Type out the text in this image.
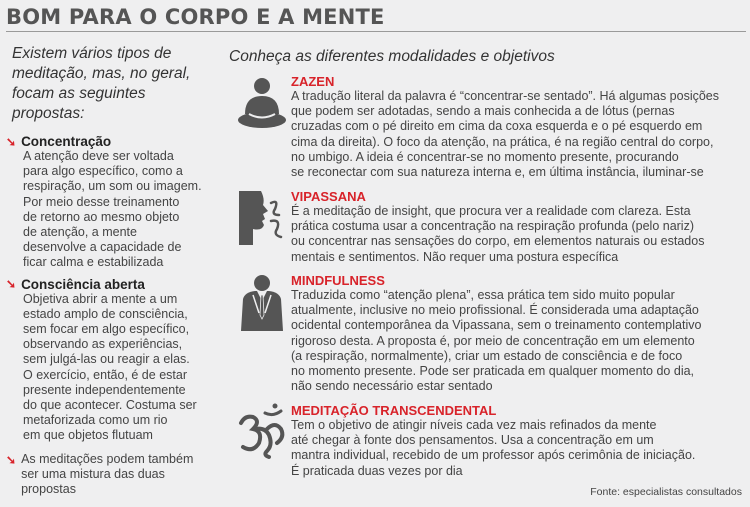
BOM PARA O CORPO E A MENTE
Existem vários tipos de meditação, mas, no geral, focam as seguintes propostas:
➘ Concentração
A atenção deve ser voltada
para algo específico, como a
respiração, um som ou imagem.
Por meio desse treinamento
de retorno ao mesmo objeto
de atenção, a mente
desenvolve a capacidade de
ficar calma e estabilizada
➘ Consciência aberta
Objetiva abrir a mente a um
estado amplo de consciência,
sem focar em algo específico,
observando as experiências,
sem julgá-las ou reagir a elas.
O exercício, então, é de estar
presente independentemente
do que acontecer. Costuma ser
metaforizada como um rio
em que objetos flutuam
➘ As meditações podem também
ser uma mistura das duas
propostas
Conheça as diferentes modalidades e objetivos
ZAZEN
A tradução literal da palavra é “concentrar-se sentado”. Há algumas posições
que podem ser adotadas, sendo a mais conhecida a de lótus (pernas
cruzadas com o pé direito em cima da coxa esquerda e o pé esquerdo em
cima da direita). O foco da atenção, na prática, é na região central do corpo,
no umbigo. A ideia é concentrar-se no momento presente, procurando
se reconectar com sua natureza interna e, em última instância, iluminar-se
VIPASSANA
É a meditação de insight, que procura ver a realidade com clareza. Esta
prática costuma usar a concentração na respiração profunda (pelo nariz)
ou concentrar nas sensações do corpo, em elementos naturais ou estados
mentais e sentimentos. Não requer uma postura específica
MINDFULNESS
Traduzida como “atenção plena”, essa prática tem sido muito popular
atualmente, inclusive no meio profissional. É considerada uma adaptação
ocidental contemporânea da Vipassana, sem o treinamento contemplativo
rigoroso desta. A proposta é, por meio de concentração em um elemento
(a respiração, normalmente), criar um estado de consciência e de foco
no momento presente. Pode ser praticada em qualquer momento do dia,
não sendo necessário estar sentado
MEDITAÇÃO TRANSCENDENTAL
Tem o objetivo de atingir níveis cada vez mais refinados da mente
até chegar à fonte dos pensamentos. Usa a concentração em um
mantra individual, recebido de um professor após cerimônia de iniciação.
É praticada duas vezes por dia
Fonte: especialistas consultados
